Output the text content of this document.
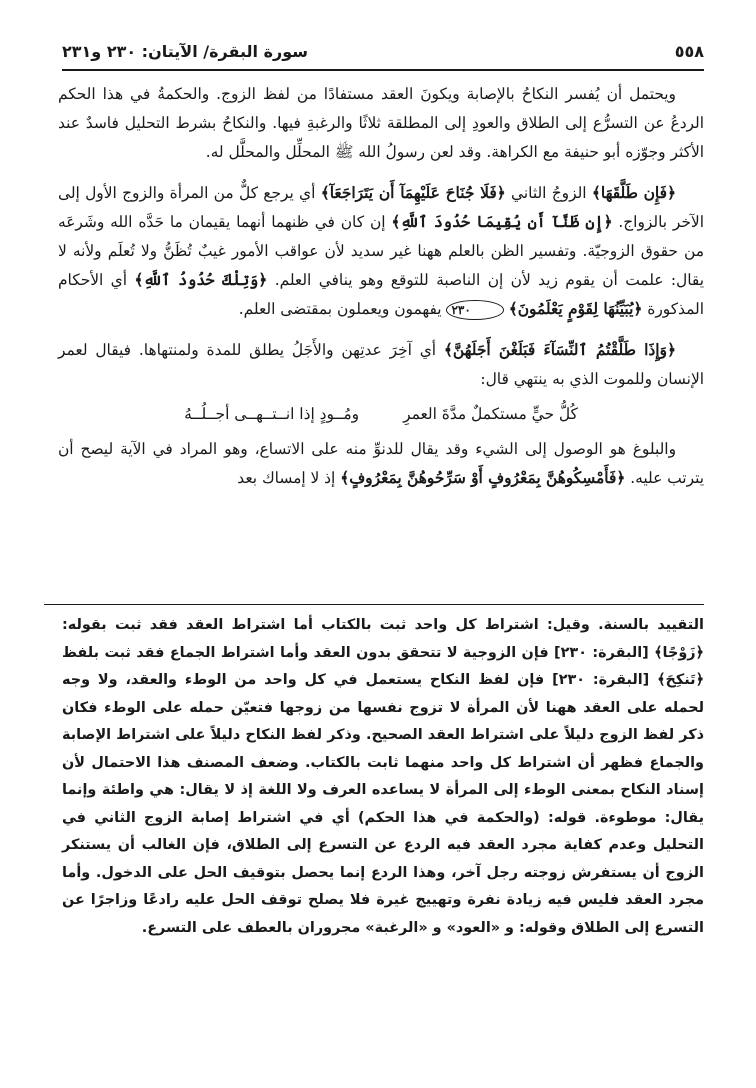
٥٥٨
سورة البقرة/ الآيتان: ٢٣٠ و٢٣١

ويحتمل أن يُفسر النكاحُ بالإصابة ويكونَ العقد مستفادًا من لفظ الزوج. والحكمةُ في هذا الحكم الردعُ عن التسرُّع إلى الطلاق والعودِ إلى المطلقة ثلاثًا والرغبةِ فيها. والنكاحُ بشرط التحليل فاسدٌ عند الأكثر وجوّزه أبو حنيفة مع الكراهة. وقد لعن رسولُ الله ﷺ المحلِّل والمحلَّل له.

﴿فَإِن طَلَّقَهَا﴾ الزوجُ الثاني ﴿فَلَا جُنَاحَ عَلَيْهِمَآ أَن يَتَرَاجَعَآ﴾ أي يرجع كلٌّ من المرأة والزوج الأول إلى الآخر بالزواج. ﴿إِن ظَنَّآ أَن يُقِيمَا حُدُودَ ٱللَّهِ﴾ إن كان في ظنهما أنهما يقيمان ما حَدَّه الله وشَرعَه من حقوق الزوجيّة. وتفسير الظن بالعلم ههنا غير سديد لأن عواقب الأمور غيبٌ تُظَنُّ ولا تُعلَم ولأنه لا يقال: علمت أن يقوم زيد لأن إن الناصبة للتوقع وهو ينافي العلم. ﴿وَتِلْكَ حُدُودُ ٱللَّهِ﴾ أي الأحكام المذكورة ﴿يُبَيِّنُهَا لِقَوْمٍ يَعْلَمُونَ﴾ ٢٣٠ يفهمون ويعملون بمقتضى العلم.

﴿وَإِذَا طَلَّقْتُمُ ٱلنِّسَآءَ فَبَلَغْنَ أَجَلَهُنَّ﴾ أي آخِرَ عدتِهن والأَجَلُ يطلق للمدة ولمنتهاها. فيقال لعمر الإنسان وللموت الذي به ينتهي قال:

كُلُّ حيٍّ مستكملٌ مدَّةَ العمرِ
ومُــودٍ إذا انــتــهــى أجــلُــهُ

والبلوغ هو الوصول إلى الشيء وقد يقال للدنوِّ منه على الاتساع، وهو المراد في الآية ليصح أن يترتب عليه. ﴿فَأَمْسِكُوهُنَّ بِمَعْرُوفٍ أَوْ سَرِّحُوهُنَّ بِمَعْرُوفٍ﴾ إذ لا إمساك بعد

التقييد بالسنة. وقيل: اشتراط كل واحد ثبت بالكتاب أما اشتراط العقد فقد ثبت بقوله: ﴿زَوْجًا﴾ [البقرة: ٢٣٠] فإن الزوجية لا تتحقق بدون العقد وأما اشتراط الجماع فقد ثبت بلفظ ﴿تَنكِحَ﴾ [البقرة: ٢٣٠] فإن لفظ النكاح يستعمل في كل واحد من الوطء والعقد، ولا وجه لحمله على العقد ههنا لأن المرأة لا تزوج نفسها من زوجها فتعيّن حمله على الوطء فكان ذكر لفظ الزوج دليلاً على اشتراط العقد الصحيح. وذكر لفظ النكاح دليلاً على اشتراط الإصابة والجماع فظهر أن اشتراط كل واحد منهما ثابت بالكتاب. وضعف المصنف هذا الاحتمال لأن إسناد النكاح بمعنى الوطء إلى المرأة لا يساعده العرف ولا اللغة إذ لا يقال: هي واطئة وإنما يقال: موطوءة. قوله: (والحكمة في هذا الحكم) أي في اشتراط إصابة الزوج الثاني في التحليل وعدم كفاية مجرد العقد فيه الردع عن التسرع إلى الطلاق، فإن الغالب أن يستنكر الزوج أن يستفرش زوجته رجل آخر، وهذا الردع إنما يحصل بتوقيف الحل على الدخول. وأما مجرد العقد فليس فيه زيادة نفرة وتهييج غيرة فلا يصلح توقف الحل عليه رادعًا وزاجرًا عن التسرع إلى الطلاق وقوله: و «العود» و «الرغبة» مجروران بالعطف على التسرع.
